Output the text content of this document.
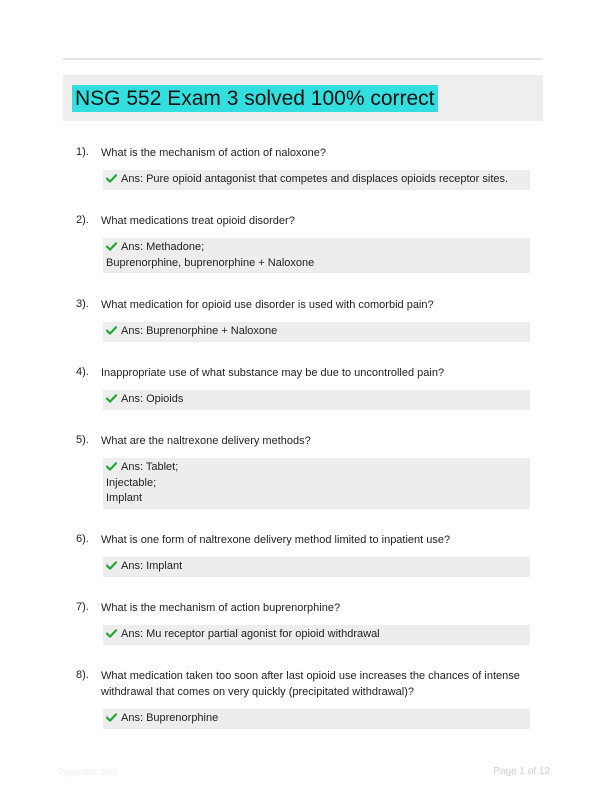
NSG 552 Exam 3 solved 100% correct
1). What is the mechanism of action of naloxone?
Ans: Pure opioid antagonist that competes and displaces opioids receptor sites.
2). What medications treat opioid disorder?
Ans: Methadone;
Buprenorphine, buprenorphine + Naloxone
3). What medication for opioid use disorder is used with comorbid pain?
Ans: Buprenorphine + Naloxone
4). Inappropriate use of what substance may be due to uncontrolled pain?
Ans: Opioids
5). What are the naltrexone delivery methods?
Ans: Tablet;
Injectable;
Implant
6). What is one form of naltrexone delivery method limited to inpatient use?
Ans: Implant
7). What is the mechanism of action buprenorphine?
Ans: Mu receptor partial agonist for opioid withdrawal
8). What medication taken too soon after last opioid use increases the chances of intense withdrawal that comes on very quickly (precipitated withdrawal)?
Ans: Buprenorphine
Papertiltic.com	Page 1 of 12
